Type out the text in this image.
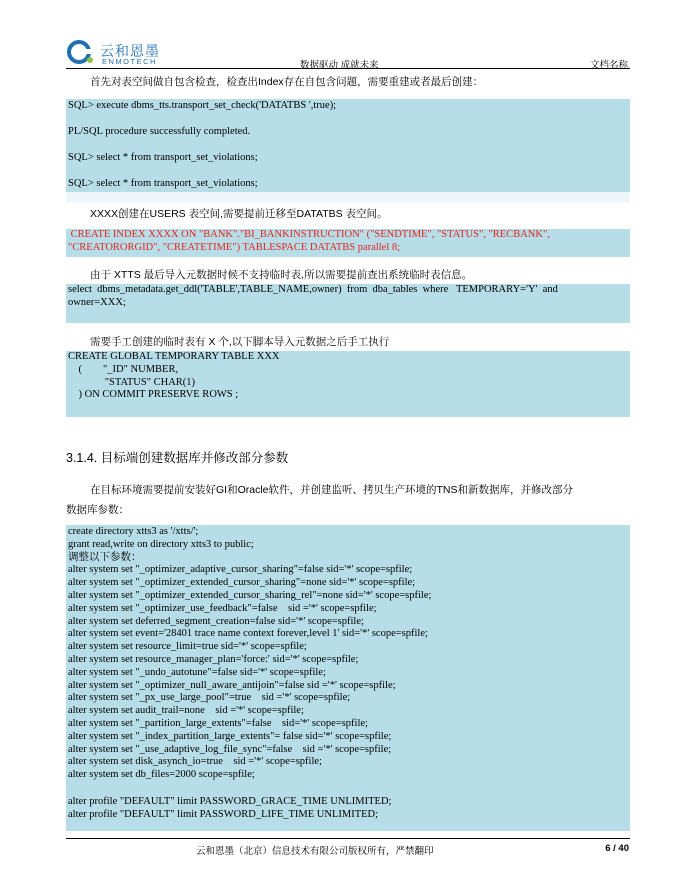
云和恩墨
ENMOTECH	数据驱动 成就未来	文档名称
首先对表空间做自包含检查，检查出Index存在自包含问题，需要重建或者最后创建：
SQL> execute dbms_tts.transport_set_check('DATATBS ',true);
PL/SQL procedure successfully completed.
SQL> select * from transport_set_violations;
SQL> select * from transport_set_violations;
XXXX创建在USERS 表空间,需要提前迁移至DATATBS 表空间。
CREATE INDEX XXXX ON "BANK"."BI_BANKINSTRUCTION" ("SENDTIME", "STATUS", "RECBANK",
"CREATORORGID", "CREATETIME") TABLESPACE DATATBS parallel 8;
由于 XTTS 最后导入元数据时候不支持临时表,所以需要提前查出系统临时表信息。
select  dbms_metadata.get_ddl('TABLE',TABLE_NAME,owner)  from  dba_tables  where   TEMPORARY='Y'  and
owner=XXX;
需要手工创建的临时表有 X 个,以下脚本导入元数据之后手工执行
CREATE GLOBAL TEMPORARY TABLE XXX
(        "_ID" NUMBER,
"STATUS" CHAR(1)
) ON COMMIT PRESERVE ROWS ;
3.1.4. 目标端创建数据库并修改部分参数
在目标环境需要提前安装好GI和Oracle软件，并创建监听、拷贝生产环境的TNS和新数据库，并修改部分
数据库参数：
create directory xtts3 as '/xtts/';
grant read,write on directory xtts3 to public;
调整以下参数：
alter system set "_optimizer_adaptive_cursor_sharing"=false sid='*' scope=spfile;
alter system set "_optimizer_extended_cursor_sharing"=none sid='*' scope=spfile;
alter system set "_optimizer_extended_cursor_sharing_rel"=none sid='*' scope=spfile;
alter system set "_optimizer_use_feedback"=false    sid ='*' scope=spfile;
alter system set deferred_segment_creation=false sid='*' scope=spfile;
alter system set event='28401 trace name context forever,level 1' sid='*' scope=spfile;
alter system set resource_limit=true sid='*' scope=spfile;
alter system set resource_manager_plan='force:' sid='*' scope=spfile;
alter system set "_undo_autotune"=false sid='*' scope=spfile;
alter system set "_optimizer_null_aware_antijoin"=false sid ='*' scope=spfile;
alter system set "_px_use_large_pool"=true    sid ='*' scope=spfile;
alter system set audit_trail=none    sid ='*' scope=spfile;
alter system set "_partition_large_extents"=false    sid='*' scope=spfile;
alter system set "_index_partition_large_extents"= false sid='*' scope=spfile;
alter system set "_use_adaptive_log_file_sync"=false    sid ='*' scope=spfile;
alter system set disk_asynch_io=true    sid ='*' scope=spfile;
alter system set db_files=2000 scope=spfile;
alter profile "DEFAULT" limit PASSWORD_GRACE_TIME UNLIMITED;
alter profile "DEFAULT" limit PASSWORD_LIFE_TIME UNLIMITED;
云和恩墨（北京）信息技术有限公司版权所有，严禁翻印	6 / 40
